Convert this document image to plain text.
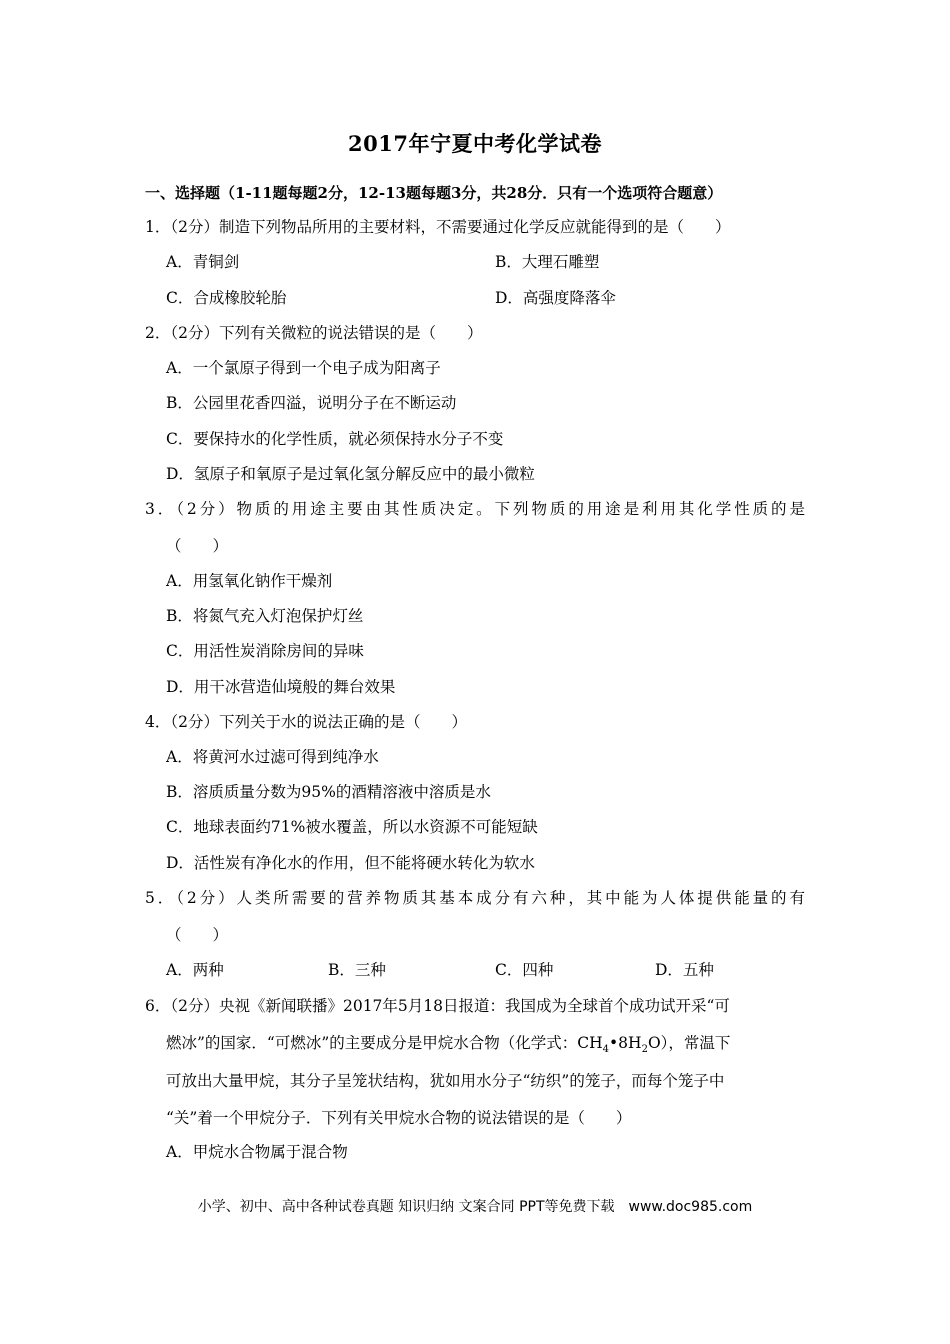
2017年宁夏中考化学试卷
一、选择题（1-11题每题2分，12-13题每题3分，共28分．只有一个选项符合题意）
1．（2分）制造下列物品所用的主要材料，不需要通过化学反应就能得到的是（　　）
A．青铜剑	B．大理石雕塑
C．合成橡胶轮胎	D．高强度降落伞
2．（2分）下列有关微粒的说法错误的是（　　）
A．一个氯原子得到一个电子成为阳离子
B．公园里花香四溢，说明分子在不断运动
C．要保持水的化学性质，就必须保持水分子不变
D．氢原子和氧原子是过氧化氢分解反应中的最小微粒
3．（2分）物质的用途主要由其性质决定。下列物质的用途是利用其化学性质的是
（　　）
A．用氢氧化钠作干燥剂
B．将氮气充入灯泡保护灯丝
C．用活性炭消除房间的异味
D．用干冰营造仙境般的舞台效果
4．（2分）下列关于水的说法正确的是（　　）
A．将黄河水过滤可得到纯净水
B．溶质质量分数为95%的酒精溶液中溶质是水
C．地球表面约71%被水覆盖，所以水资源不可能短缺
D．活性炭有净化水的作用，但不能将硬水转化为软水
5．（2分）人类所需要的营养物质其基本成分有六种，其中能为人体提供能量的有
（　　）
A．两种	B．三种	C．四种	D．五种
6．（2分）央视《新闻联播》2017年5月18日报道：我国成为全球首个成功试开采“可
燃冰”的国家．“可燃冰”的主要成分是甲烷水合物（化学式：$CH_4•8H_2O$），常温下
可放出大量甲烷，其分子呈笼状结构，犹如用水分子“纺织”的笼子，而每个笼子中
“关”着一个甲烷分子．下列有关甲烷水合物的说法错误的是（　　）
A．甲烷水合物属于混合物
小学、初中、高中各种试卷真题 知识归纳 文案合同 PPT等免费下载　www.doc985.com
